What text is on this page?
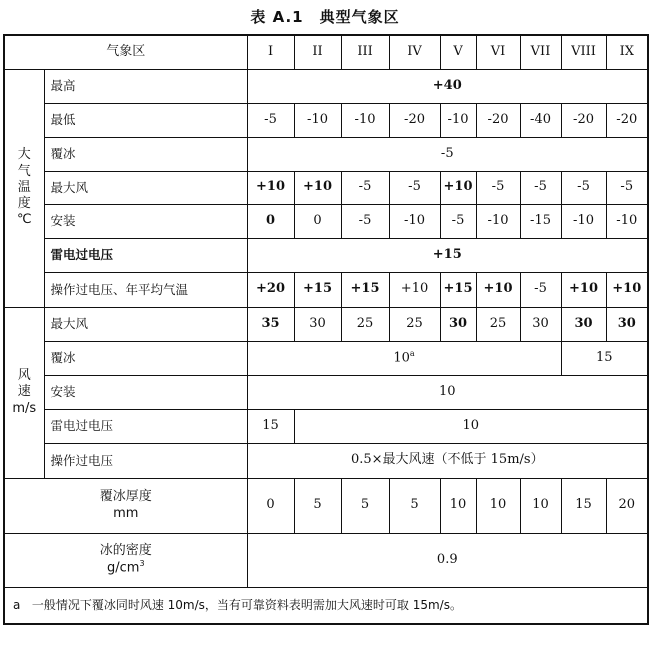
表 A.1　典型气象区
气象区		I	II	III	IV	V	VI	VII	VIII	IX

大
气
温
度
℃	最高	+40								
	最低	-5	-10	-10	-20	-10	-20	-40	-20	-20
	覆冰	-5								
	最大风	+10	+10	-5	-5	+10	-5	-5	-5	-5
	安装	0	0	-5	-10	-5	-10	-15	-10	-10
	雷电过电压	+15								
	操作过电压、年平均气温	+20	+15	+15	+10	+15	+10	-5	+10	+10

风
速
m/s	最大风	35	30	25	25	30	25	30	30	30
	覆冰	10$^a$							15	
	安装	10								
	雷电过电压	15	10							
	操作过电压	0.5×最大风速（不低于 15m/s）								

覆冰厚度
mm		0	5	5	5	10	10	10	15	20

冰的密度
$g/cm^3$		0.9								
a 一般情况下覆冰同时风速 10m/s，当有可靠资料表明需加大风速时可取 15m/s。										
